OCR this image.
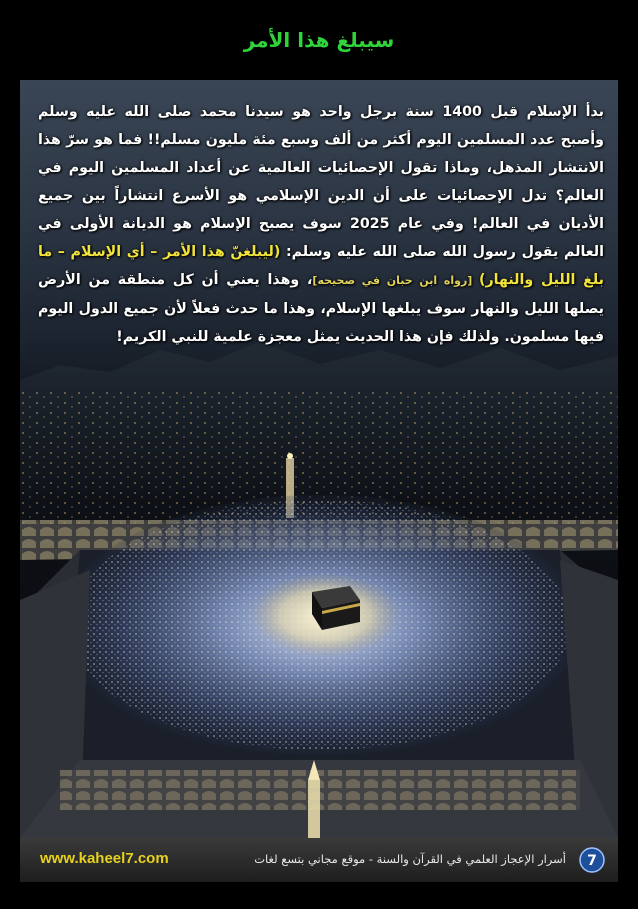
سيبلغ هذا الأمر
بدأ الإسلام قبل 1400 سنة برجل واحد هو سيدنا محمد صلى الله عليه وسلم وأصبح عدد المسلمين اليوم أكثر من ألف وسبع مئة مليون مسلم!! فما هو سرّ هذا الانتشار المذهل، وماذا تقول الإحصائيات العالمية عن أعداد المسلمين اليوم في العالم؟ تدل الإحصائيات على أن الدين الإسلامي هو الأسرع انتشاراً بين جميع الأديان في العالم! وفي عام 2025 سوف يصبح الإسلام هو الديانة الأولى في العالم يقول رسول الله صلى الله عليه وسلم: (ليبلغنّ هذا الأمر – أي الإسلام – ما بلغ الليل والنهار) [رواه ابن حبان في صحيحه]، وهذا يعني أن كل منطقة من الأرض يصلها الليل والنهار سوف يبلغها الإسلام، وهذا ما حدث فعلاً لأن جميع الدول اليوم فيها مسلمون. ولذلك فإن هذا الحديث يمثل معجزة علمية للنبي الكريم!
www.kaheel7.com	أسرار الإعجاز العلمي في القرآن والسنة - موقع مجاني بتسع لغات 7
